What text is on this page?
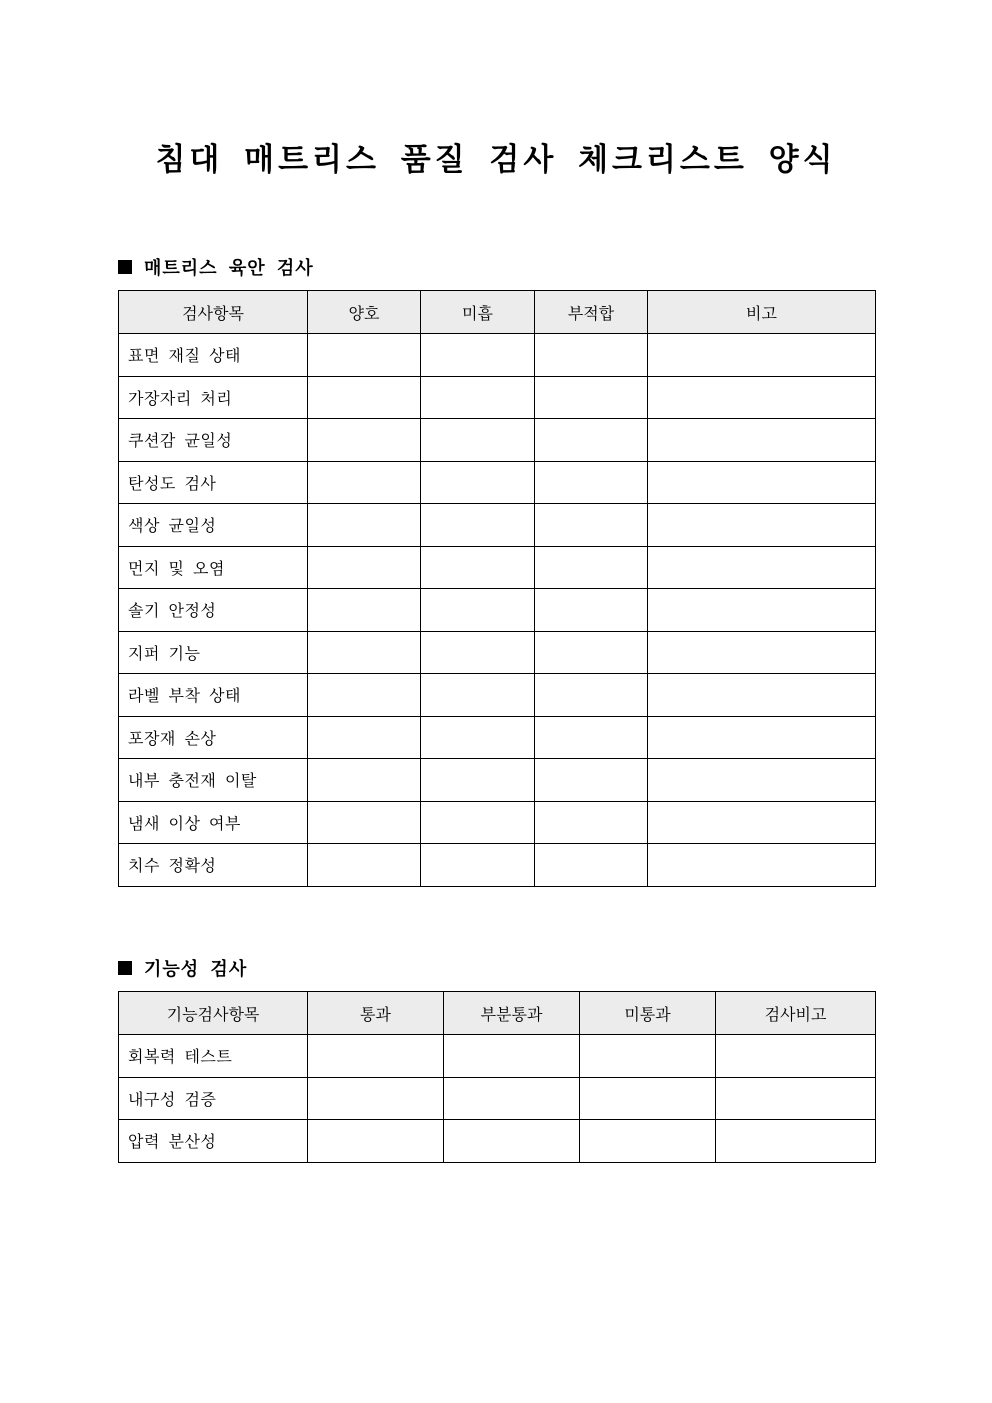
침대 매트리스 품질 검사 체크리스트 양식
매트리스 육안 검사
검사항목	양호	미흡	부적합	비고
표면 재질 상태				
가장자리 처리				
쿠션감 균일성				
탄성도 검사				
색상 균일성				
먼지 및 오염				
솔기 안정성				
지퍼 기능				
라벨 부착 상태				
포장재 손상				
내부 충전재 이탈				
냄새 이상 여부				
치수 정확성				
기능성 검사
기능검사항목	통과	부분통과	미통과	검사비고
회복력 테스트				
내구성 검증				
압력 분산성				
